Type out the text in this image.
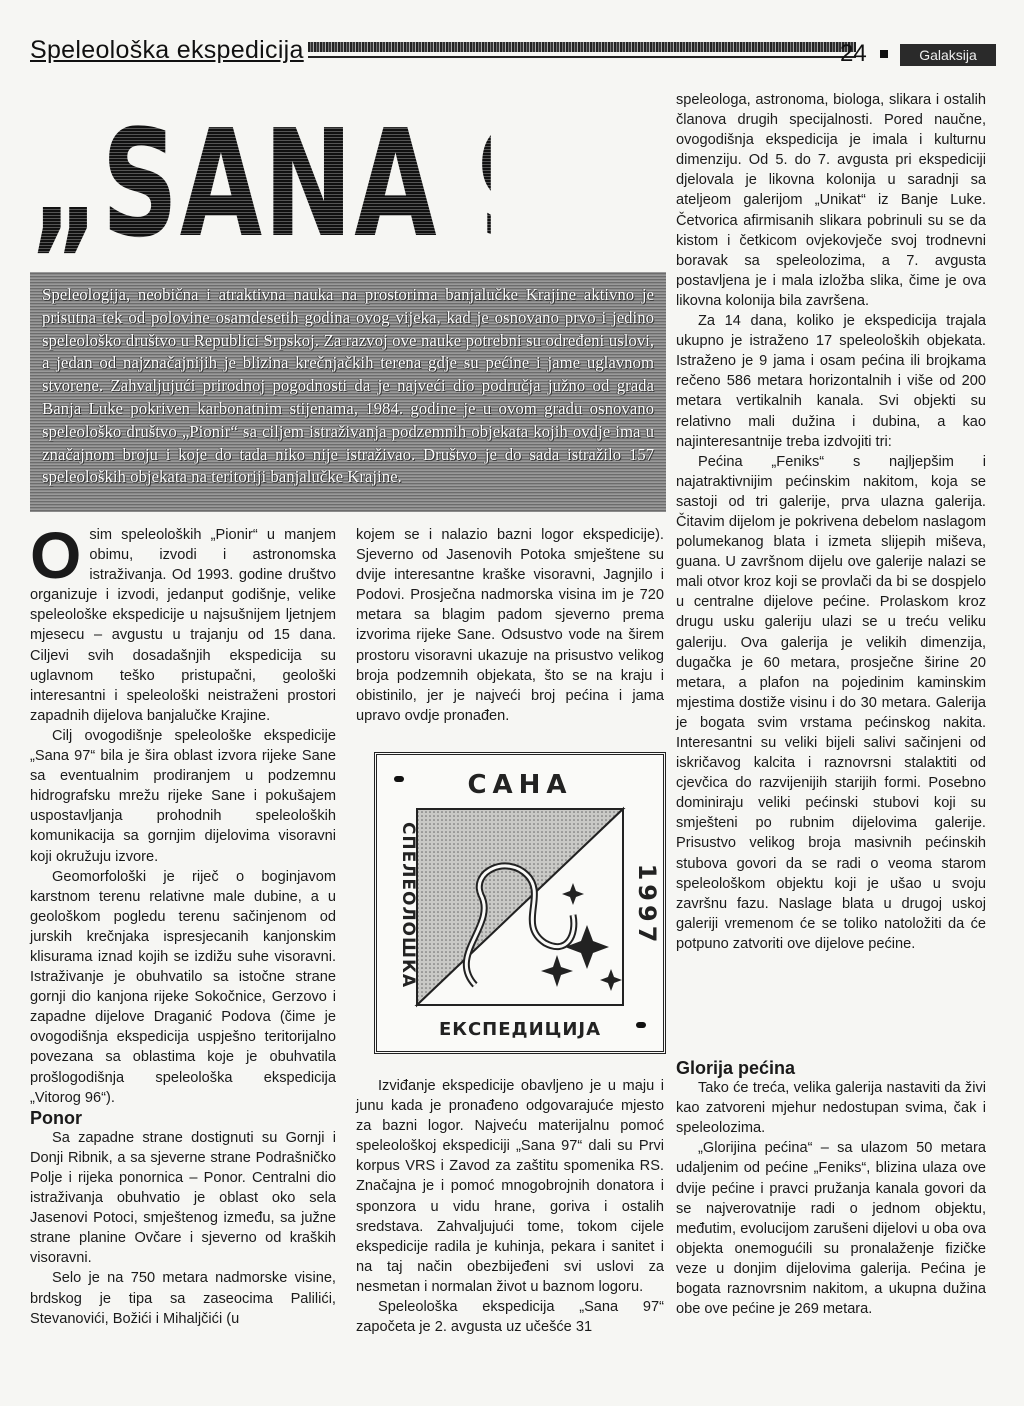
Speleološka ekspedicija	24	Galaksija
„SANA 97“

Speleologija, neobična i atraktivna nauka na prostorima banjalučke Krajine aktivno je prisutna tek od polovine osamdesetih godina ovog vijeka, kad je osnovano prvo i jedino speleološko društvo u Republici Srpskoj. Za razvoj ove nauke potrebni su određeni uslovi, a jedan od najznačajnijih je blizina krečnjačkih terena gdje su pećine i jame uglavnom stvorene. Zahvaljujući prirodnoj pogodnosti da je najveći dio područja južno od grada Banja Luke pokriven karbonatnim stijenama, 1984. godine je u ovom gradu osnovano speleološko društvo „Pionir“ sa ciljem istraživanja podzemnih objekata kojih ovdje ima u značajnom broju i koje do tada niko nije istraživao. Društvo je do sada istražilo 157 speleoloških objekata na teritoriji banjalučke Krajine.

Osim speleoloških „Pionir“ u manjem obimu, izvodi i astronomska istraživanja. Od 1993. godine društvo organizuje i izvodi, jedanput godišnje, velike speleološke ekspedicije u najsušnijem ljetnjem mjesecu – avgustu u trajanju od 15 dana. Ciljevi svih dosadašnjih ekspedicija su uglavnom teško pristupačni, geološki interesantni i speleološki neistraženi prostori zapadnih dijelova banjalučke Krajine.

Cilj ovogodišnje speleološke ekspedicije „Sana 97“ bila je šira oblast izvora rijeke Sane sa eventualnim prodiranjem u podzemnu hidrografsku mrežu rijeke Sane i pokušajem uspostavljanja prohodnih speleoloških komunikacija sa gornjim dijelovima visoravni koji okružuju izvore.

Geomorfološki je riječ o boginjavom karstnom terenu relativne male dubine, a u geološkom pogledu terenu sačinjenom od jurskih krečnjaka ispresjecanih kanjonskim klisurama iznad kojih se izdižu suhe visoravni. Istraživanje je obuhvatilo sa istočne strane gornji dio kanjona rijeke Sokočnice, Gerzovo i zapadne dijelove Draganić Podova (čime je ovogodišnja ekspedicija uspješno teritorijalno povezana sa oblastima koje je obuhvatila prošlogodišnja speleološka ekspedicija „Vitorog 96“).

Ponor

Sa zapadne strane dostignuti su Gornji i Donji Ribnik, a sa sjeverne strane Podrašničko Polje i rijeka ponornica – Ponor. Centralni dio istraživanja obuhvatio je oblast oko sela Jasenovi Potoci, smještenog između, sa južne strane planine Ovčare i sjeverno od kraških visoravni.

Selo je na 750 metara nadmorske visine, brdskog je tipa sa zaseocima Palilići, Stevanovići, Božići i Mihaljčići (u

kojem se i nalazio bazni logor ekspedicije). Sjeverno od Jasenovih Potoka smještene su dvije interesantne kraške visoravni, Jagnjilo i Podovi. Prosječna nadmorska visina im je 720 metara sa blagim padom sjeverno prema izvorima rijeke Sane. Odsustvo vode na širem prostoru visoravni ukazuje na prisustvo velikog broja podzemnih objekata, što se na kraju i obistinilo, jer je najveći broj pećina i jama upravo ovdje pronađen.

САНА
ЕКСПЕДИЦИЈА
СПЕЛЕОЛОШКА	1997

Izviđanje ekspedicije obavljeno je u maju i junu kada je pronađeno odgovarajuće mjesto za bazni logor. Najveću materijalnu pomoć speleološkoj ekspediciji „Sana 97“ dali su Prvi korpus VRS i Zavod za zaštitu spomenika RS. Značajna je i pomoć mnogobrojnih donatora i sponzora u vidu hrane, goriva i ostalih sredstava. Zahvaljujući tome, tokom cijele ekspedicije radila je kuhinja, pekara i sanitet i na taj način obezbijeđeni svi uslovi za nesmetan i normalan život u baznom logoru.

Speleološka ekspedicija „Sana 97“ započeta je 2. avgusta uz učešće 31

speleologa, astronoma, biologa, slikara i ostalih članova drugih specijalnosti. Pored naučne, ovogodišnja ekspedicija je imala i kulturnu dimenziju. Od 5. do 7. avgusta pri ekspediciji djelovala je likovna kolonija u saradnji sa ateljeom galerijom „Unikat“ iz Banje Luke. Četvorica afirmisanih slikara pobrinuli su se da kistom i četkicom ovjekovječe svoj trodnevni boravak sa speleolozima, a 7. avgusta postavljena je i mala izložba slika, čime je ova likovna kolonija bila završena.

Za 14 dana, koliko je ekspedicija trajala ukupno je istraženo 17 speleoloških objekata. Istraženo je 9 jama i osam pećina ili brojkama rečeno 586 metara horizontalnih i više od 200 metara vertikalnih kanala. Svi objekti su relativno mali dužina i dubina, a kao najinteresantnije treba izdvojiti tri:

Pećina „Feniks“ s najljepšim i najatraktivnijim pećinskim nakitom, koja se sastoji od tri galerije, prva ulazna galerija. Čitavim dijelom je pokrivena debelom naslagom polumekanog blata i izmeta slijepih miševa, guana. U završnom dijelu ove galerije nalazi se mali otvor kroz koji se provlači da bi se dospjelo u centralne dijelove pećine. Prolaskom kroz drugu usku galeriju ulazi se u treću veliku galeriju. Ova galerija je velikih dimenzija, dugačka je 60 metara, prosječne širine 20 metara, a plafon na pojedinim kaminskim mjestima dostiže visinu i do 30 metara. Galerija je bogata svim vrstama pećinskog nakita. Interesantni su veliki bijeli salivi sačinjeni od iskričavog kalcita i raznovrsni stalaktiti od cjevčica do razvijenijih starijih formi. Posebno dominiraju veliki pećinski stubovi koji su smješteni po rubnim dijelovima galerije. Prisustvo velikog broja masivnih pećinskih stubova govori da se radi o veoma starom speleološkom objektu koji je ušao u svoju završnu fazu. Naslage blata u drugoj uskoj galeriji vremenom će se toliko natoložiti da će potpuno zatvoriti ove dijelove pećine.

Glorija pećina

Tako će treća, velika galerija nastaviti da živi kao zatvoreni mjehur nedostupan svima, čak i speleolozima.

„Glorijina pećina“ – sa ulazom 50 metara udaljenim od pećine „Feniks“, blizina ulaza ove dvije pećine i pravci pružanja kanala govori da se najverovatnije radi o jednom objektu, međutim, evolucijom zarušeni dijelovi u oba ova objekta onemogućili su pronalaženje fizičke veze u donjim dijelovima galerija. Pećina je bogata raznovrsnim nakitom, a ukupna dužina obe ove pećine je 269 metara.
